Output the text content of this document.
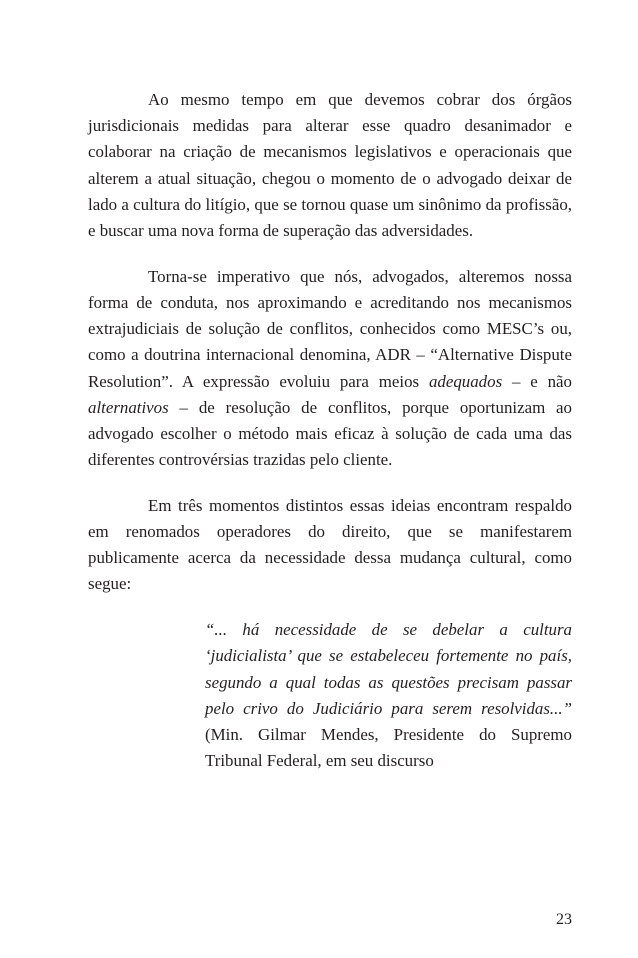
Ao mesmo tempo em que devemos cobrar dos órgãos jurisdicionais medidas para alterar esse quadro desanimador e colaborar na criação de mecanismos legislativos e operacionais que alterem a atual situação, chegou o momento de o advogado deixar de lado a cultura do litígio, que se tornou quase um sinônimo da profissão, e buscar uma nova forma de superação das adversidades.

Torna-se imperativo que nós, advogados, alteremos nossa forma de conduta, nos aproximando e acreditando nos mecanismos extrajudiciais de solução de conflitos, conhecidos como MESC’s ou, como a doutrina internacional denomina, ADR – “Alternative Dispute Resolution”. A expressão evoluiu para meios adequados – e não alternativos – de resolução de conflitos, porque oportunizam ao advogado escolher o método mais eficaz à solução de cada uma das diferentes controvérsias trazidas pelo cliente.

Em três momentos distintos essas ideias encontram respaldo em renomados operadores do direito, que se manifestarem publicamente acerca da necessidade dessa mudança cultural, como segue:

“... há necessidade de se debelar a cultura ‘judicialista’ que se estabeleceu fortemente no país, segundo a qual todas as questões precisam passar pelo crivo do Judiciário para serem resolvidas...” (Min. Gilmar Mendes, Presidente do Supremo Tribunal Federal, em seu discurso

23
